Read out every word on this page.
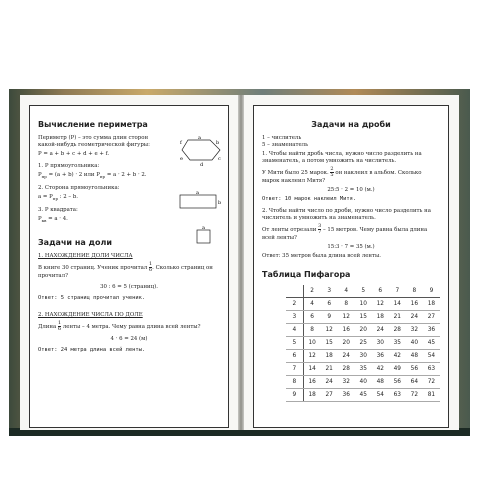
Вычисление периметра
Периметр (P) – это сумма длин сторон какой-нибудь геометрической фигуры:
P = a + b + c + d + e + f.
1. P прямоугольника:
$P_{пр} = (a + b) \cdot 2$ или $P_{пр} = a \cdot 2 + b \cdot 2$.
2. Сторона прямоугольника:
$a = P_{пр}$ : 2 – b.
3. P квадрата:
$P_{кв} = a \cdot 4$.
a
b
c
d
e
f
a
b
a
Задачи на доли
1. НАХОЖДЕНИЕ ДОЛИ ЧИСЛА
В книге 30 страниц. Ученик прочитал $\frac{1}{6}$ . Сколько страниц он прочитал?
30 : 6 = 5 (страниц).
Ответ: 5 страниц прочитал ученик.
2. НАХОЖДЕНИЕ ЧИСЛА ПО ДОЛЕ
Длина $\frac{1}{6}$ ленты – 4 метра. Чему равна длина всей ленты?
4 · 6 = 24 (м)
Ответ: 24 метра длина всей ленты.
Задачи на дроби
1 – числитель
5 – знаменатель
1. Чтобы найти дробь числа, нужно число разделить на знаменатель, а потом умножить на числитель.
У Мити было 25 марок. $\frac{2}{5}$ он наклеил в альбом. Сколько марок наклеил Митя?
25:5 · 2 = 10 (м.)
Ответ: 10 марок наклеил Митя.
2. Чтобы найти число по дроби, нужно число разделить на числитель и умножить на знаменатель.
От ленты отрезали $\frac{3}{7} - 15$ метров. Чему равна была длина всей ленты?
15:3 · 7 = 35 (м.)
Ответ: 35 метров была длина всей ленты.
Таблица Пифагора
	2	3	4	5	6	7	8	9
2	4	6	8	10	12	14	16	18
3	6	9	12	15	18	21	24	27
4	8	12	16	20	24	28	32	36
5	10	15	20	25	30	35	40	45
6	12	18	24	30	36	42	48	54
7	14	21	28	35	42	49	56	63
8	16	24	32	40	48	56	64	72
9	18	27	36	45	54	63	72	81
